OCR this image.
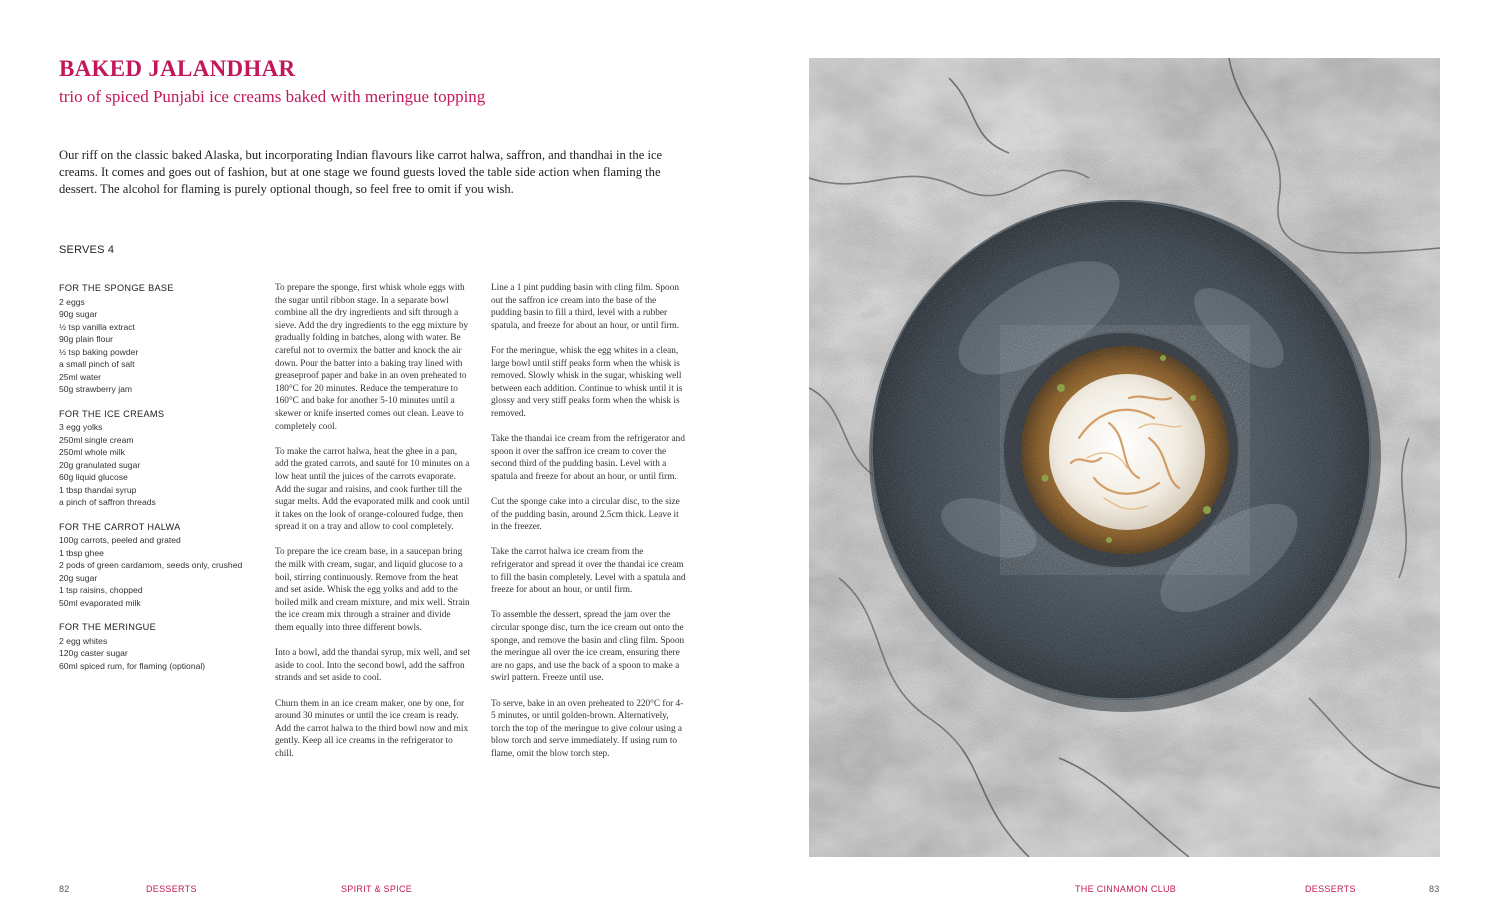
BAKED JALANDHAR
trio of spiced Punjabi ice creams baked with meringue topping

Our riff on the classic baked Alaska, but incorporating Indian flavours like carrot halwa, saffron, and thandhai in the ice creams. It comes and goes out of fashion, but at one stage we found guests loved the table side action when flaming the dessert. The alcohol for flaming is purely optional though, so feel free to omit if you wish.

SERVES 4
FOR THE SPONGE BASE
2 eggs
90g sugar
½ tsp vanilla extract
90g plain flour
½ tsp baking powder
a small pinch of salt
25ml water
50g strawberry jam
FOR THE ICE CREAMS
3 egg yolks
250ml single cream
250ml whole milk
20g granulated sugar
60g liquid glucose
1 tbsp thandai syrup
a pinch of saffron threads
FOR THE CARROT HALWA
100g carrots, peeled and grated
1 tbsp ghee
2 pods of green cardamom, seeds only, crushed
20g sugar
1 tsp raisins, chopped
50ml evaporated milk
FOR THE MERINGUE
2 egg whites
120g caster sugar
60ml spiced rum, for flaming (optional)

To prepare the sponge, first whisk whole eggs with the sugar until ribbon stage. In a separate bowl combine all the dry ingredients and sift through a sieve. Add the dry ingredients to the egg mixture by gradually folding in batches, along with water. Be careful not to overmix the batter and knock the air down. Pour the batter into a baking tray lined with greaseproof paper and bake in an oven preheated to 180°C for 20 minutes. Reduce the temperature to 160°C and bake for another 5-10 minutes until a skewer or knife inserted comes out clean. Leave to completely cool.

To make the carrot halwa, heat the ghee in a pan, add the grated carrots, and sauté for 10 minutes on a low heat until the juices of the carrots evaporate. Add the sugar and raisins, and cook further till the sugar melts. Add the evaporated milk and cook until it takes on the look of orange-coloured fudge, then spread it on a tray and allow to cool completely.

To prepare the ice cream base, in a saucepan bring the milk with cream, sugar, and liquid glucose to a boil, stirring continuously. Remove from the heat and set aside. Whisk the egg yolks and add to the boiled milk and cream mixture, and mix well. Strain the ice cream mix through a strainer and divide them equally into three different bowls.

Into a bowl, add the thandai syrup, mix well, and set aside to cool. Into the second bowl, add the saffron strands and set aside to cool.

Churn them in an ice cream maker, one by one, for around 30 minutes or until the ice cream is ready. Add the carrot halwa to the third bowl now and mix gently. Keep all ice creams in the refrigerator to chill.

Line a 1 pint pudding basin with cling film. Spoon out the saffron ice cream into the base of the pudding basin to fill a third, level with a rubber spatula, and freeze for about an hour, or until firm.

For the meringue, whisk the egg whites in a clean, large bowl until stiff peaks form when the whisk is removed. Slowly whisk in the sugar, whisking well between each addition. Continue to whisk until it is glossy and very stiff peaks form when the whisk is removed.

Take the thandai ice cream from the refrigerator and spoon it over the saffron ice cream to cover the second third of the pudding basin. Level with a spatula and freeze for about an hour, or until firm.

Cut the sponge cake into a circular disc, to the size of the pudding basin, around 2.5cm thick. Leave it in the freezer.

Take the carrot halwa ice cream from the refrigerator and spread it over the thandai ice cream to fill the basin completely. Level with a spatula and freeze for about an hour, or until firm.

To assemble the dessert, spread the jam over the circular sponge disc, turn the ice cream out onto the sponge, and remove the basin and cling film. Spoon the meringue all over the ice cream, ensuring there are no gaps, and use the back of a spoon to make a swirl pattern. Freeze until use.

To serve, bake in an oven preheated to 220°C for 4-5 minutes, or until golden-brown. Alternatively, torch the top of the meringue to give colour using a blow torch and serve immediately. If using rum to flame, omit the blow torch step.

82	DESSERTS	SPIRIT & SPICE	THE CINNAMON CLUB	DESSERTS	83
